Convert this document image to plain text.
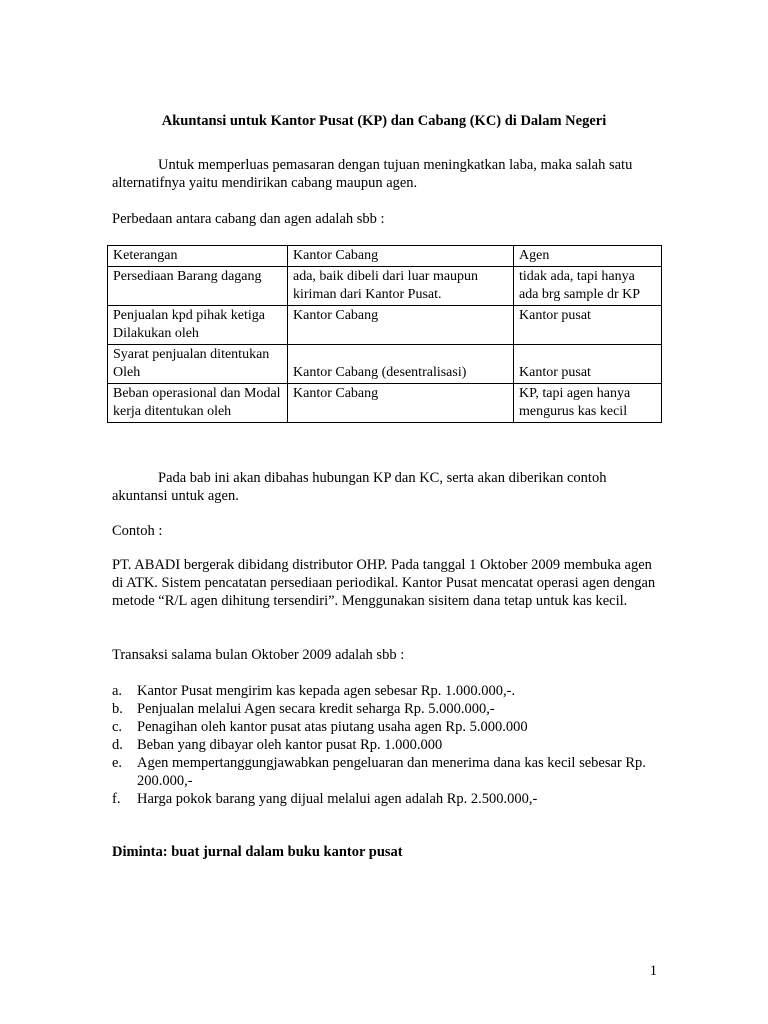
Akuntansi untuk Kantor Pusat (KP) dan Cabang (KC) di Dalam Negeri
Untuk memperluas pemasaran dengan tujuan meningkatkan laba, maka salah satu alternatifnya yaitu mendirikan cabang maupun agen.
Perbedaan antara cabang dan agen adalah sbb :
Keterangan	Kantor Cabang	Agen
Persediaan Barang dagang	ada, baik dibeli dari luar maupun kiriman dari Kantor Pusat.	tidak ada, tapi hanya ada brg sample dr KP
Penjualan kpd pihak ketiga Dilakukan oleh	Kantor Cabang	Kantor pusat
Syarat penjualan ditentukan Oleh	Kantor Cabang (desentralisasi)	Kantor pusat
Beban operasional dan Modal kerja ditentukan oleh	Kantor Cabang	KP, tapi agen hanya mengurus kas kecil
Pada bab ini akan dibahas hubungan KP dan KC, serta akan diberikan contoh akuntansi untuk agen.
Contoh :
PT. ABADI bergerak dibidang distributor OHP. Pada tanggal 1 Oktober 2009 membuka agen di ATK. Sistem pencatatan persediaan periodikal. Kantor Pusat mencatat operasi agen dengan metode “R/L agen dihitung tersendiri”. Menggunakan sisitem dana tetap untuk kas kecil.
Transaksi salama bulan Oktober 2009 adalah sbb :
a. Kantor Pusat mengirim kas kepada agen sebesar Rp. 1.000.000,-.
b. Penjualan melalui Agen secara kredit seharga Rp. 5.000.000,-
c. Penagihan oleh kantor pusat atas piutang usaha agen Rp. 5.000.000
d. Beban yang dibayar oleh kantor pusat Rp. 1.000.000
e. Agen mempertanggungjawabkan pengeluaran dan menerima dana kas kecil sebesar Rp. 200.000,-
f. Harga pokok barang yang dijual melalui agen adalah Rp. 2.500.000,-
Diminta: buat jurnal dalam buku kantor pusat
1
